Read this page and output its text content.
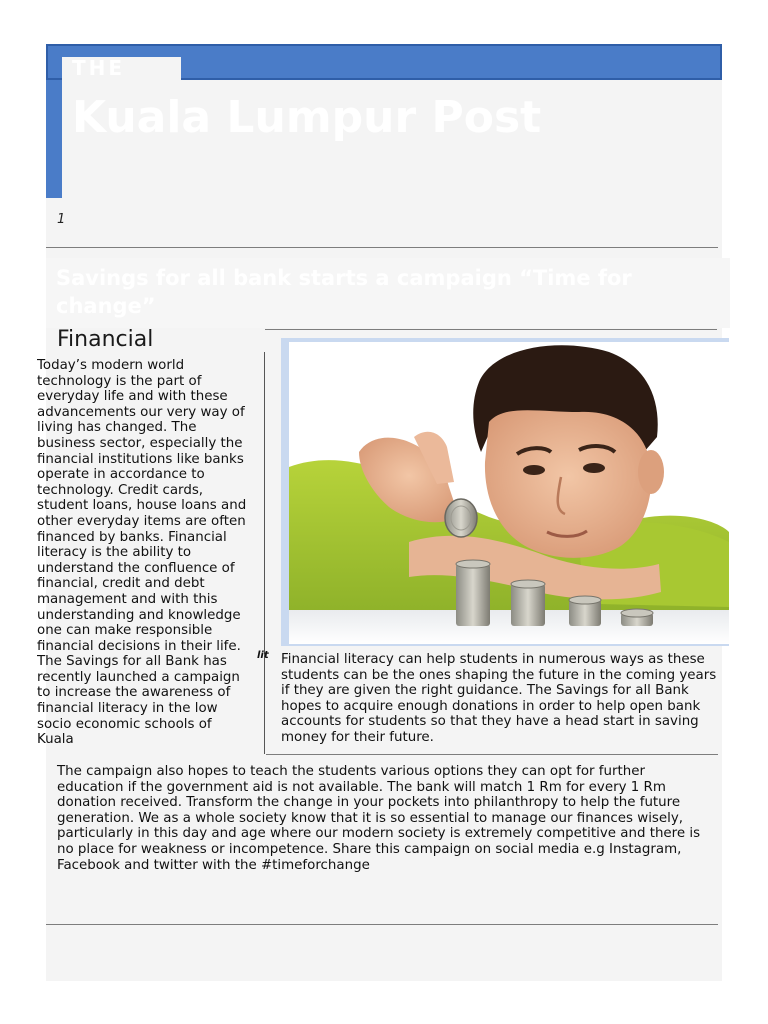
THE
Kuala Lumpur Post
1
Savings for all bank starts a campaign “Time for change”
Financial
Today’s modern world technology is the part of everyday life and with these advancements our very way of living has changed. The business sector, especially the financial institutions like banks operate in accordance to technology. Credit cards, student loans, house loans and other everyday items are often financed by banks. Financial literacy is the ability to understand the confluence of financial, credit and debt management and with this understanding and knowledge one can make responsible financial decisions in their life. The Savings for all Bank has recently launched a campaign to increase the awareness of financial literacy in the low socio economic schools of Kuala
lit Financial literacy can help students in numerous ways as these students can be the ones shaping the future in the coming years if they are given the right guidance. The Savings for all Bank hopes to acquire enough donations in order to help open bank accounts for students so that they have a head start in saving money for their future.
The campaign also hopes to teach the students various options they can opt for further education if the government aid is not available. The bank will match 1 Rm for every 1 Rm donation received. Transform the change in your pockets into philanthropy to help the future generation. We as a whole society know that it is so essential to manage our finances wisely, particularly in this day and age where our modern society is extremely competitive and there is no place for weakness or incompetence. Share this campaign on social media e.g Instagram, Facebook and twitter with the #timeforchange
